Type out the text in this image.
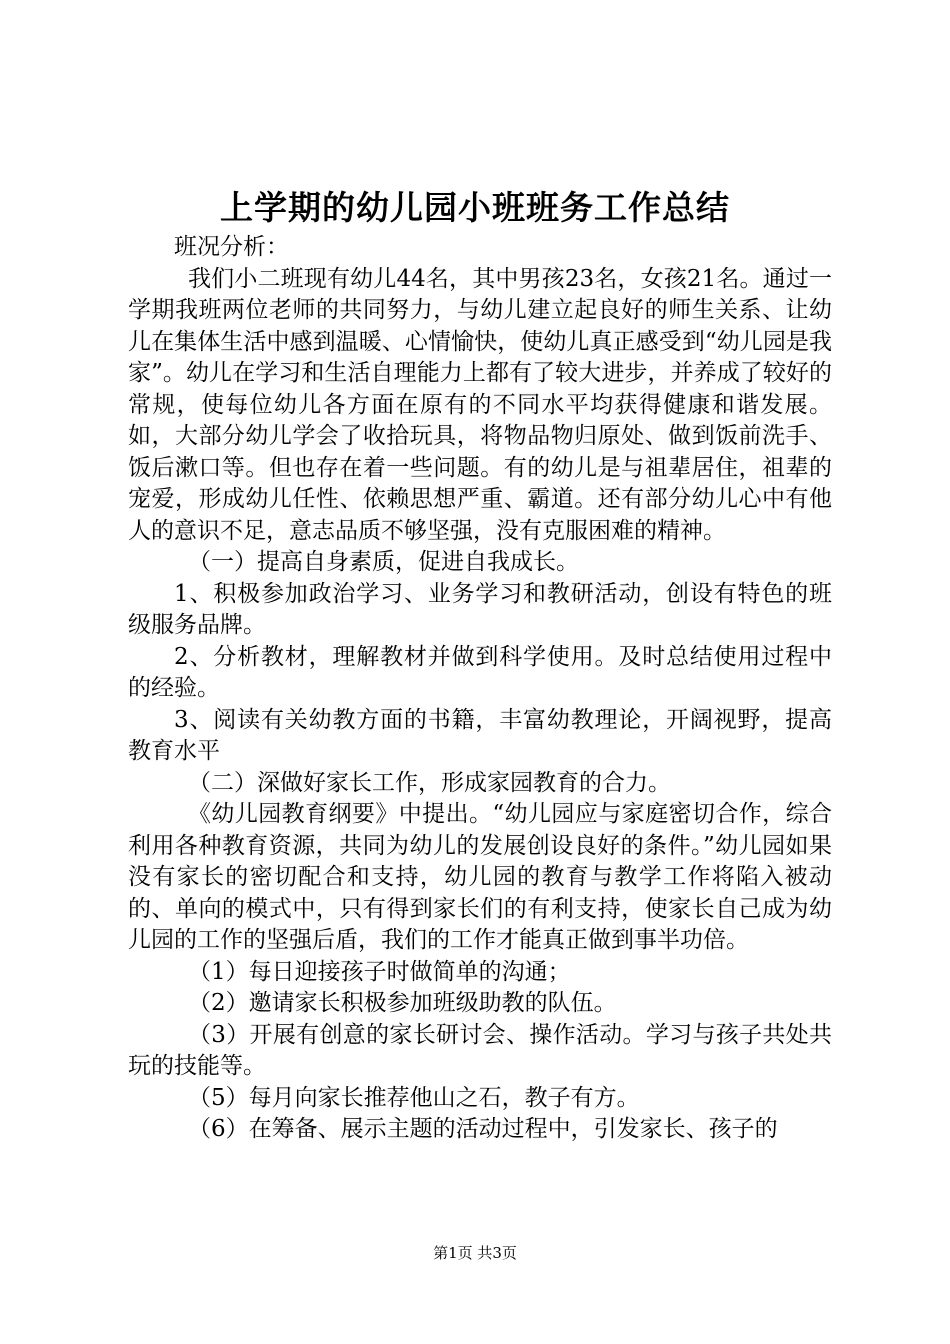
上学期的幼儿园小班班务工作总结

班况分析：

我们小二班现有幼儿44名，其中男孩23名，女孩21名。通过一学期我班两位老师的共同努力，与幼儿建立起良好的师生关系、让幼儿在集体生活中感到温暖、心情愉快，使幼儿真正感受到“幼儿园是我家”。幼儿在学习和生活自理能力上都有了较大进步，并养成了较好的常规，使每位幼儿各方面在原有的不同水平均获得健康和谐发展。如，大部分幼儿学会了收拾玩具，将物品物归原处、做到饭前洗手、饭后漱口等。但也存在着一些问题。有的幼儿是与祖辈居住，祖辈的宠爱，形成幼儿任性、依赖思想严重、霸道。还有部分幼儿心中有他人的意识不足，意志品质不够坚强，没有克服困难的精神。

（一）提高自身素质，促进自我成长。

1、积极参加政治学习、业务学习和教研活动，创设有特色的班级服务品牌。

2、分析教材，理解教材并做到科学使用。及时总结使用过程中的经验。

3、阅读有关幼教方面的书籍，丰富幼教理论，开阔视野，提高教育水平

（二）深做好家长工作，形成家园教育的合力。

《幼儿园教育纲要》中提出。“幼儿园应与家庭密切合作，综合利用各种教育资源，共同为幼儿的发展创设良好的条件。”幼儿园如果没有家长的密切配合和支持，幼儿园的教育与教学工作将陷入被动的、单向的模式中，只有得到家长们的有利支持，使家长自己成为幼儿园的工作的坚强后盾，我们的工作才能真正做到事半功倍。

（1）每日迎接孩子时做简单的沟通；

（2）邀请家长积极参加班级助教的队伍。

（3）开展有创意的家长研讨会、操作活动。学习与孩子共处共玩的技能等。

（5）每月向家长推荐他山之石，教子有方。

（6）在筹备、展示主题的活动过程中，引发家长、孩子的

第1页 共3页
